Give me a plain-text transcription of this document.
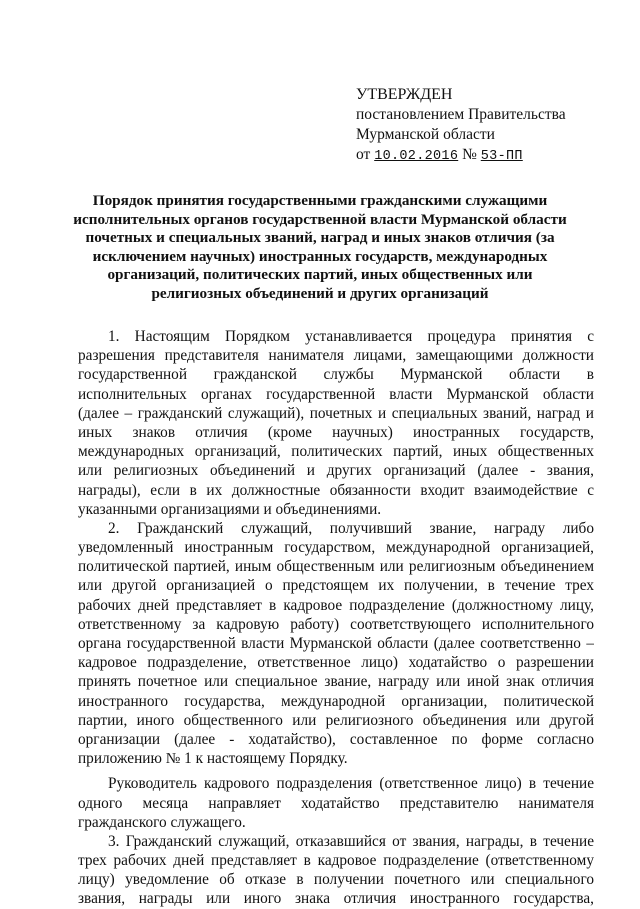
УТВЕРЖДЕН
постановлением Правительства
Мурманской области
от 10.02.2016 № 53-ПП
Порядок принятия государственными гражданскими служащими
исполнительных органов государственной власти Мурманской области
почетных и специальных званий, наград и иных знаков отличия (за
исключением научных) иностранных государств, международных
организаций, политических партий, иных общественных или
религиозных объединений и других организаций
1. Настоящим Порядком устанавливается процедура принятия с
разрешения представителя нанимателя лицами, замещающими должности
государственной гражданской службы Мурманской области в
исполнительных органах государственной власти Мурманской области
(далее – гражданский служащий), почетных и специальных званий, наград и
иных знаков отличия (кроме научных) иностранных государств,
международных организаций, политических партий, иных общественных
или религиозных объединений и других организаций (далее - звания,
награды), если в их должностные обязанности входит взаимодействие с
указанными организациями и объединениями.
2. Гражданский служащий, получивший звание, награду либо
уведомленный иностранным государством, международной организацией,
политической партией, иным общественным или религиозным объединением
или другой организацией о предстоящем их получении, в течение трех
рабочих дней представляет в кадровое подразделение (должностному лицу,
ответственному за кадровую работу) соответствующего исполнительного
органа государственной власти Мурманской области (далее соответственно –
кадровое подразделение, ответственное лицо) ходатайство о разрешении
принять почетное или специальное звание, награду или иной знак отличия
иностранного государства, международной организации, политической
партии, иного общественного или религиозного объединения или другой
организации (далее - ходатайство), составленное по форме согласно
приложению № 1 к настоящему Порядку.
Руководитель кадрового подразделения (ответственное лицо) в течение
одного месяца направляет ходатайство представителю нанимателя
гражданского служащего.
3. Гражданский служащий, отказавшийся от звания, награды, в течение
трех рабочих дней представляет в кадровое подразделение (ответственному
лицу) уведомление об отказе в получении почетного или специального
звания, награды или иного знака отличия иностранного государства,
